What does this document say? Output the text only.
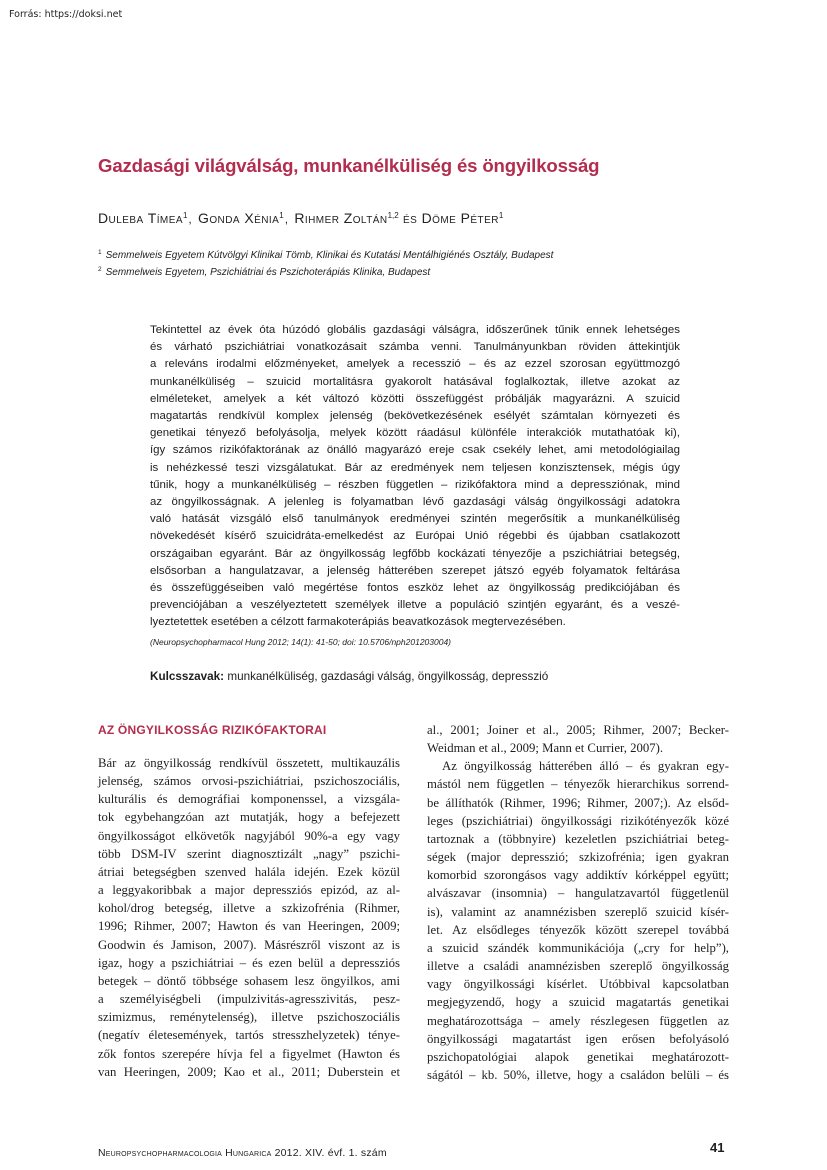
Forrás: https://doksi.net
Gazdasági világválság, munkanélküliség és öngyilkosság
Duleba Tímea$^1$, Gonda Xénia$^1$, Rihmer Zoltán$^{1,2}$ és Döme Péter$^1$
$^1$ Semmelweis Egyetem Kútvölgyi Klinikai Tömb, Klinikai és Kutatási Mentálhigiénés Osztály, Budapest
$^2$ Semmelweis Egyetem, Pszichiátriai és Pszichoterápiás Klinika, Budapest
Tekintettel az évek óta húzódó globális gazdasági válságra, időszerűnek tűnik ennek lehetséges
és várható pszichiátriai vonatkozásait számba venni. Tanulmányunkban röviden áttekintjük
a releváns irodalmi előzményeket, amelyek a recesszió – és az ezzel szorosan együttmozgó
munkanélküliség – szuicid mortalitásra gyakorolt hatásával foglalkoztak, illetve azokat az
elméleteket, amelyek a két változó közötti összefüggést próbálják magyarázni. A szuicid
magatartás rendkívül komplex jelenség (bekövetkezésének esélyét számtalan környezeti és
genetikai tényező befolyásolja, melyek között ráadásul különféle interakciók mutathatóak ki),
így számos rizikófaktorának az önálló magyarázó ereje csak csekély lehet, ami metodológiailag
is nehézkessé teszi vizsgálatukat. Bár az eredmények nem teljesen konzisztensek, mégis úgy
tűnik, hogy a munkanélküliség – részben független – rizikófaktora mind a depressziónak, mind
az öngyilkosságnak. A jelenleg is folyamatban lévő gazdasági válság öngyilkossági adatokra
való hatását vizsgáló első tanulmányok eredményei szintén megerősítik a munkanélküliség
növekedését kísérő szuicidráta-emelkedést az Európai Unió régebbi és újabban csatlakozott
országaiban egyaránt. Bár az öngyilkosság legfőbb kockázati tényezője a pszichiátriai betegség,
elsősorban a hangulatzavar, a jelenség hátterében szerepet játszó egyéb folyamatok feltárása
és összefüggéseiben való megértése fontos eszköz lehet az öngyilkosság predikciójában és
prevenciójában a veszélyeztetett személyek illetve a populáció szintjén egyaránt, és a veszé-
lyeztetettek esetében a célzott farmakoterápiás beavatkozások megtervezésében.
(Neuropsychopharmacol Hung 2012; 14(1): 41-50; doi: 10.5706/nph201203004)
Kulcsszavak: munkanélküliség, gazdasági válság, öngyilkosság, depresszió
AZ ÖNGYILKOSSÁG RIZIKÓFAKTORAI
Bár az öngyilkosság rendkívül összetett, multikauzális
jelenség, számos orvosi-pszichiátriai, pszichoszociális,
kulturális és demográfiai komponenssel, a vizsgála-
tok egybehangzóan azt mutatják, hogy a befejezett
öngyilkosságot elkövetők nagyjából 90%-a egy vagy
több DSM-IV szerint diagnosztizált „nagy” pszichi-
átriai betegségben szenved halála idején. Ezek közül
a leggyakoribbak a major depressziós epizód, az al-
kohol/drog betegség, illetve a szkizofrénia (Rihmer,
1996; Rihmer, 2007; Hawton és van Heeringen, 2009;
Goodwin és Jamison, 2007). Másrészről viszont az is
igaz, hogy a pszichiátriai – és ezen belül a depressziós
betegek – döntő többsége sohasem lesz öngyilkos, ami
a személyiségbeli (impulzivitás-agresszivitás, pesz-
szimizmus, reménytelenség), illetve pszichoszociális
(negatív életesemények, tartós stresszhelyzetek) ténye-
zők fontos szerepére hívja fel a figyelmet (Hawton és
van Heeringen, 2009; Kao et al., 2011; Duberstein et
al., 2001; Joiner et al., 2005; Rihmer, 2007; Becker-
Weidman et al., 2009; Mann et Currier, 2007).
Az öngyilkosság hátterében álló – és gyakran egy-
mástól nem független – tényezők hierarchikus sorrend-
be állíthatók (Rihmer, 1996; Rihmer, 2007;). Az elsőd-
leges (pszichiátriai) öngyilkossági rizikótényezők közé
tartoznak a (többnyire) kezeletlen pszichiátriai beteg-
ségek (major depresszió; szkizofrénia; igen gyakran
komorbid szorongásos vagy addiktív kórképpel együtt;
alvászavar (insomnia) – hangulatzavartól függetlenül
is), valamint az anamnézisben szereplő szuicid kísér-
let. Az elsődleges tényezők között szerepel továbbá
a szuicid szándék kommunikációja („cry for help”),
illetve a családi anamnézisben szereplő öngyilkosság
vagy öngyilkossági kísérlet. Utóbbival kapcsolatban
megjegyzendő, hogy a szuicid magatartás genetikai
meghatározottsága – amely részlegesen független az
öngyilkossági magatartást igen erősen befolyásoló
pszichopatológiai alapok genetikai meghatározott-
ságától – kb. 50%, illetve, hogy a családon belüli – és
Neuropsychopharmacologia Hungarica 2012. XIV. évf. 1. szám	41
